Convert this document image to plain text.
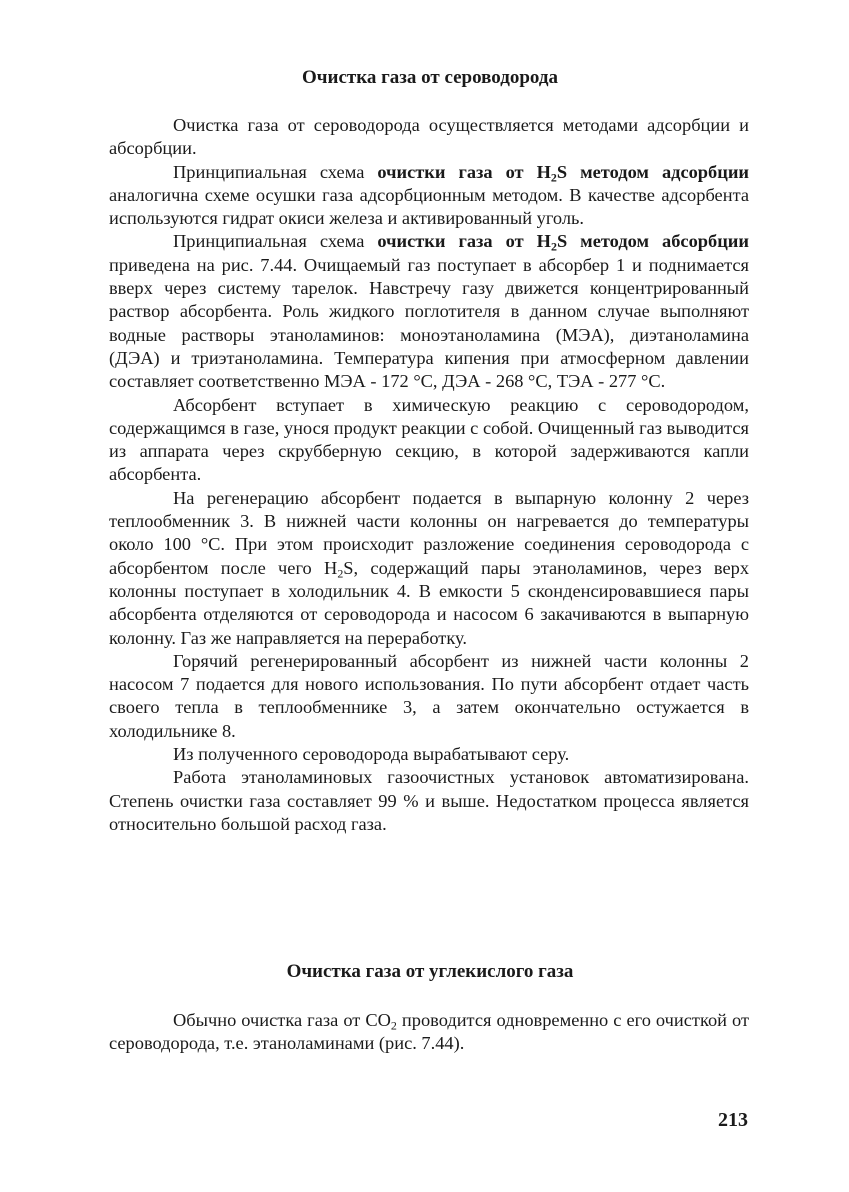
Очистка газа от сероводорода

Очистка газа от сероводорода осуществляется методами адсорбции и абсорбции.

Принципиальная схема очистки газа от $H_2S$ методом адсорбции аналогична схеме осушки газа адсорбционным методом. В качестве адсорбента используются гидрат окиси железа и активированный уголь.

Принципиальная схема очистки газа от $H_2S$ методом абсорбции приведена на рис. 7.44. Очищаемый газ поступает в абсорбер 1 и поднимается вверх через систему тарелок. Навстречу газу движется концентрированный раствор абсорбента. Роль жидкого поглотителя в данном случае выполняют водные растворы этаноламинов: моноэтаноламина (МЭА), диэтаноламина (ДЭА) и триэтаноламина. Температура кипения при атмосферном давлении составляет соответственно МЭА - 172 °С, ДЭА - 268 °С, ТЭА - 277 °С.

Абсорбент вступает в химическую реакцию с сероводородом, содержащимся в газе, унося продукт реакции с собой. Очищенный газ выводится из аппарата через скрубберную секцию, в которой задерживаются капли абсорбента.

На регенерацию абсорбент подается в выпарную колонну 2 через теплообменник 3. В нижней части колонны он нагревается до температуры около 100 °С. При этом происходит разложение соединения сероводорода с абсорбентом после чего $H_2S$, содержащий пары этаноламинов, через верх колонны поступает в холодильник 4. В емкости 5 сконденсировавшиеся пары абсорбента отделяются от сероводорода и насосом 6 закачиваются в выпарную колонну. Газ же направляется на переработку.

Горячий регенерированный абсорбент из нижней части колонны 2 насосом 7 подается для нового использования. По пути абсорбент отдает часть своего тепла в теплообменнике 3, а затем окончательно остужается в холодильнике 8.

Из полученного сероводорода вырабатывают серу.

Работа этаноламиновых газоочистных установок автоматизирована. Степень очистки газа составляет 99 % и выше. Недостатком процесса является относительно большой расход газа.

Очистка газа от углекислого газа

Обычно очистка газа от $CO_2$ проводится одновременно с его очисткой от сероводорода, т.е. этаноламинами (рис. 7.44).

213
